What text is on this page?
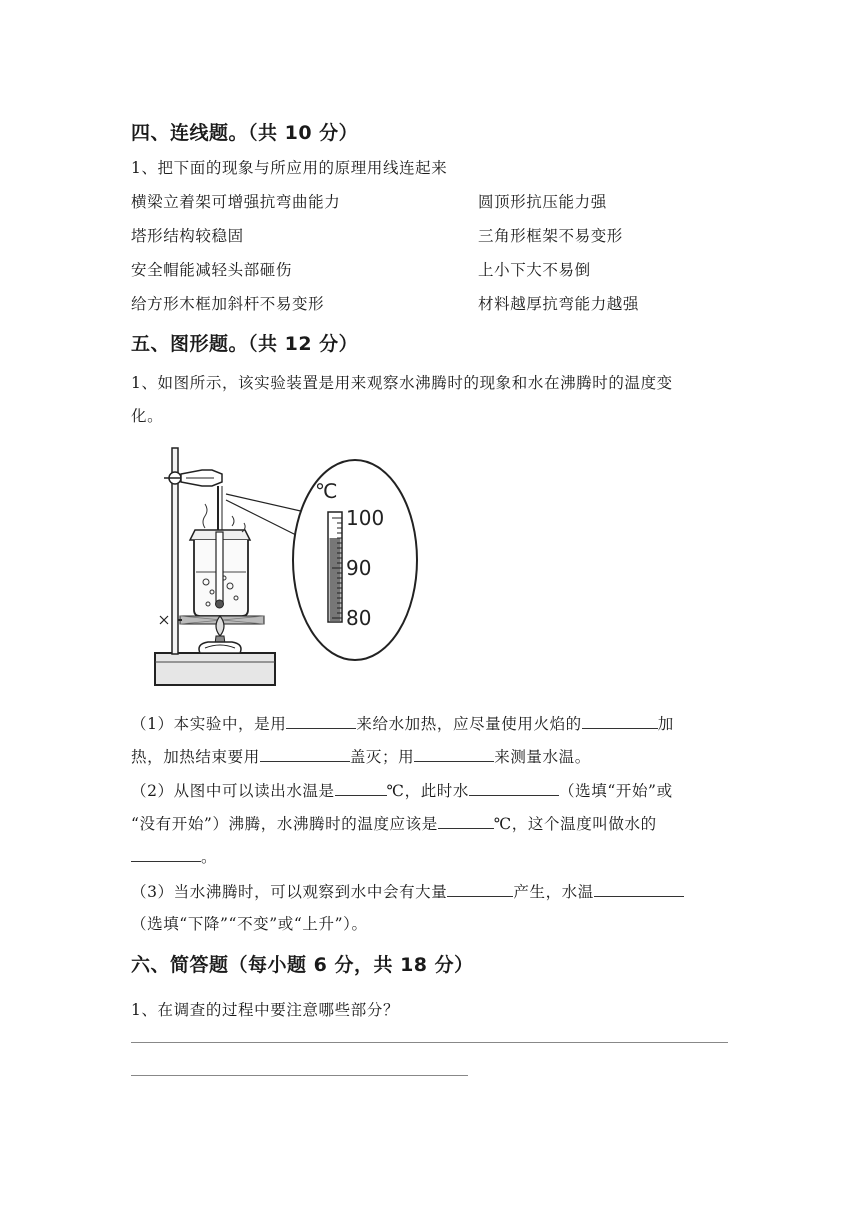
四、连线题。（共 10 分）
1、把下面的现象与所应用的原理用线连起来
横梁立着架可增强抗弯曲能力	圆顶形抗压能力强
塔形结构较稳固	三角形框架不易变形
安全帽能减轻头部砸伤	上小下大不易倒
给方形木框加斜杆不易变形	材料越厚抗弯能力越强
五、图形题。（共 12 分）
1、如图所示，该实验装置是用来观察水沸腾时的现象和水在沸腾时的温度变
化。
℃
100
90
80
（1）本实验中，是用	来给水加热，应尽量使用火焰的	加
热，加热结束要用	盖灭；用	来测量水温。
（2）从图中可以读出水温是	℃，此时水	（选填“开始”或
“没有开始”）沸腾，水沸腾时的温度应该是	℃，这个温度叫做水的
。
（3）当水沸腾时，可以观察到水中会有大量	产生，水温
（选填“下降”“不变”或“上升”）。
六、简答题（每小题 6 分，共 18 分）
1、在调查的过程中要注意哪些部分？
